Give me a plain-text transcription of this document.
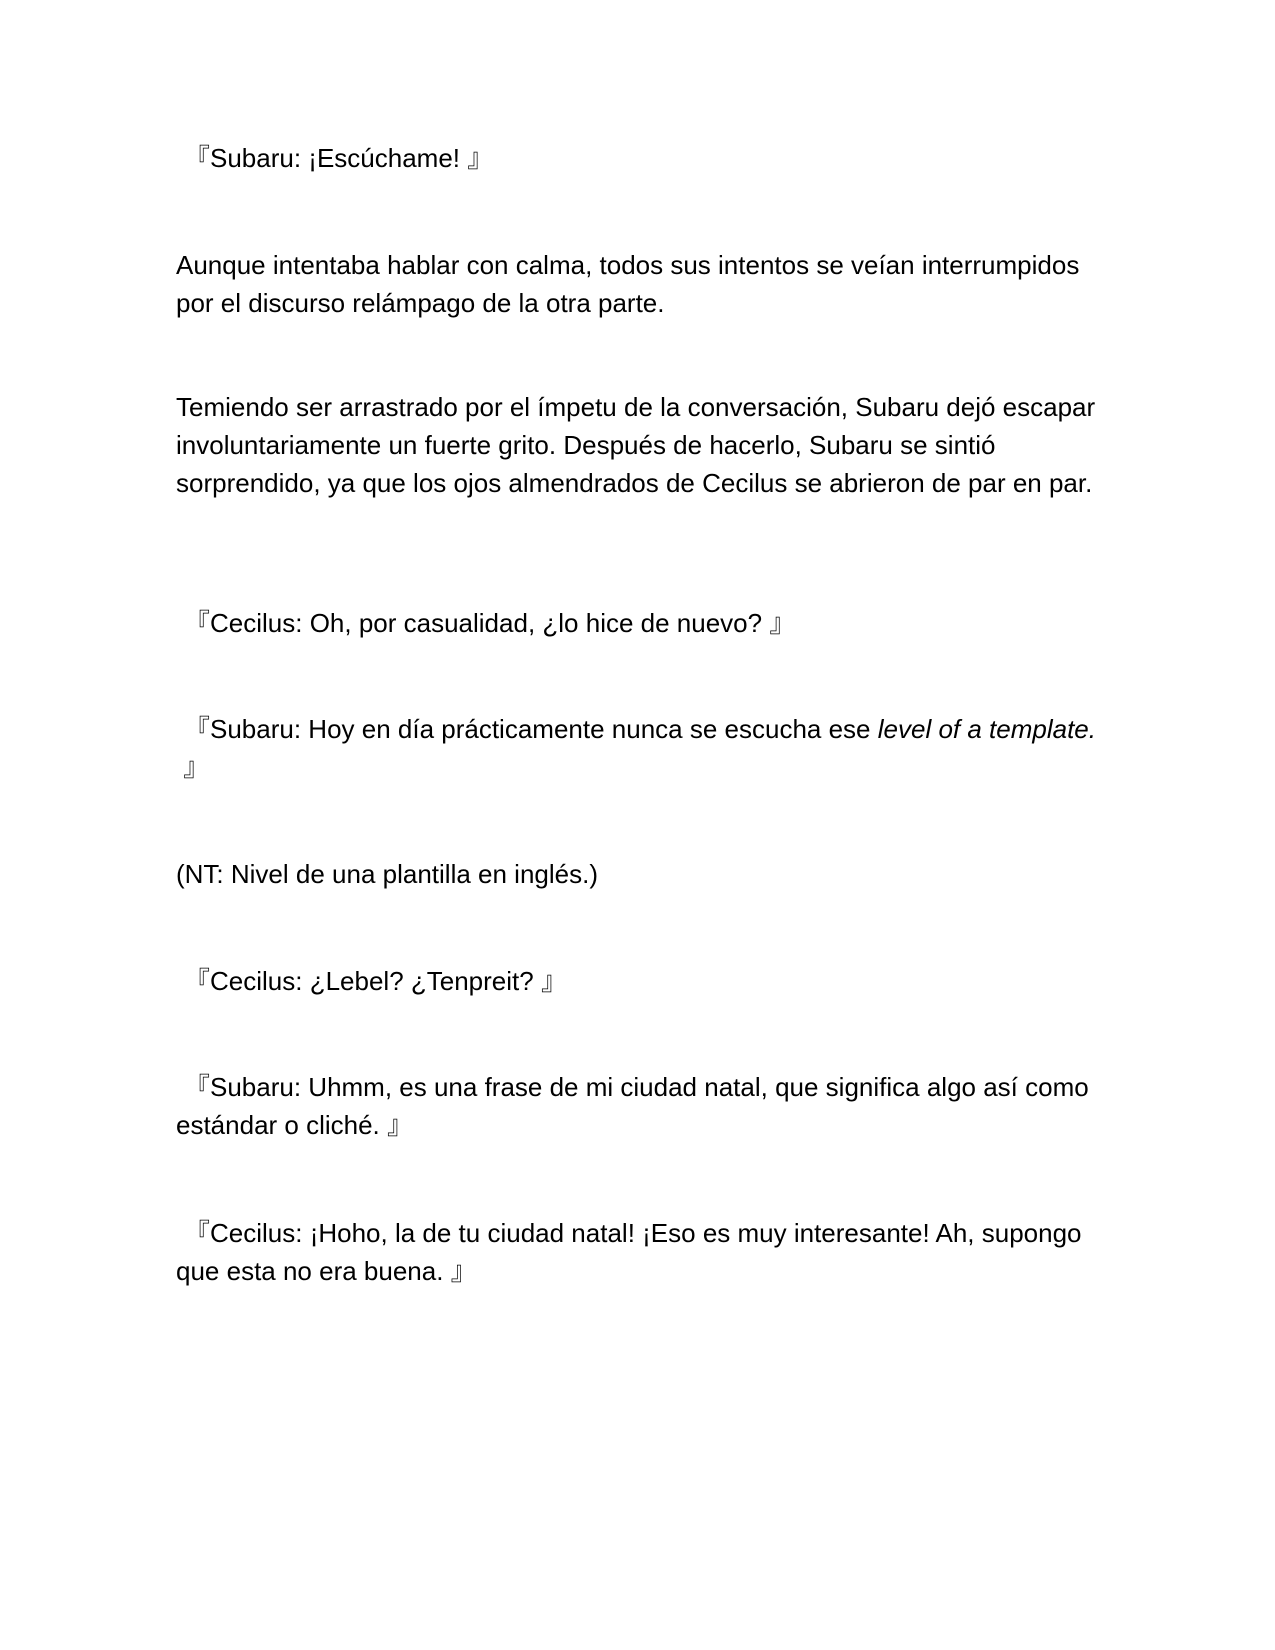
『Subaru: ¡Escúchame! 』

Aunque intentaba hablar con calma, todos sus intentos se veían interrumpidos por el discurso relámpago de la otra parte.

Temiendo ser arrastrado por el ímpetu de la conversación, Subaru dejó escapar involuntariamente un fuerte grito. Después de hacerlo, Subaru se sintió sorprendido, ya que los ojos almendrados de Cecilus se abrieron de par en par.

『Cecilus: Oh, por casualidad, ¿lo hice de nuevo? 』

『Subaru: Hoy en día prácticamente nunca se escucha ese level of a template. 』

(NT: Nivel de una plantilla en inglés.)

『Cecilus: ¿Lebel? ¿Tenpreit? 』

『Subaru: Uhmm, es una frase de mi ciudad natal, que significa algo así como estándar o cliché. 』

『Cecilus: ¡Hoho, la de tu ciudad natal! ¡Eso es muy interesante! Ah, supongo que esta no era buena. 』
